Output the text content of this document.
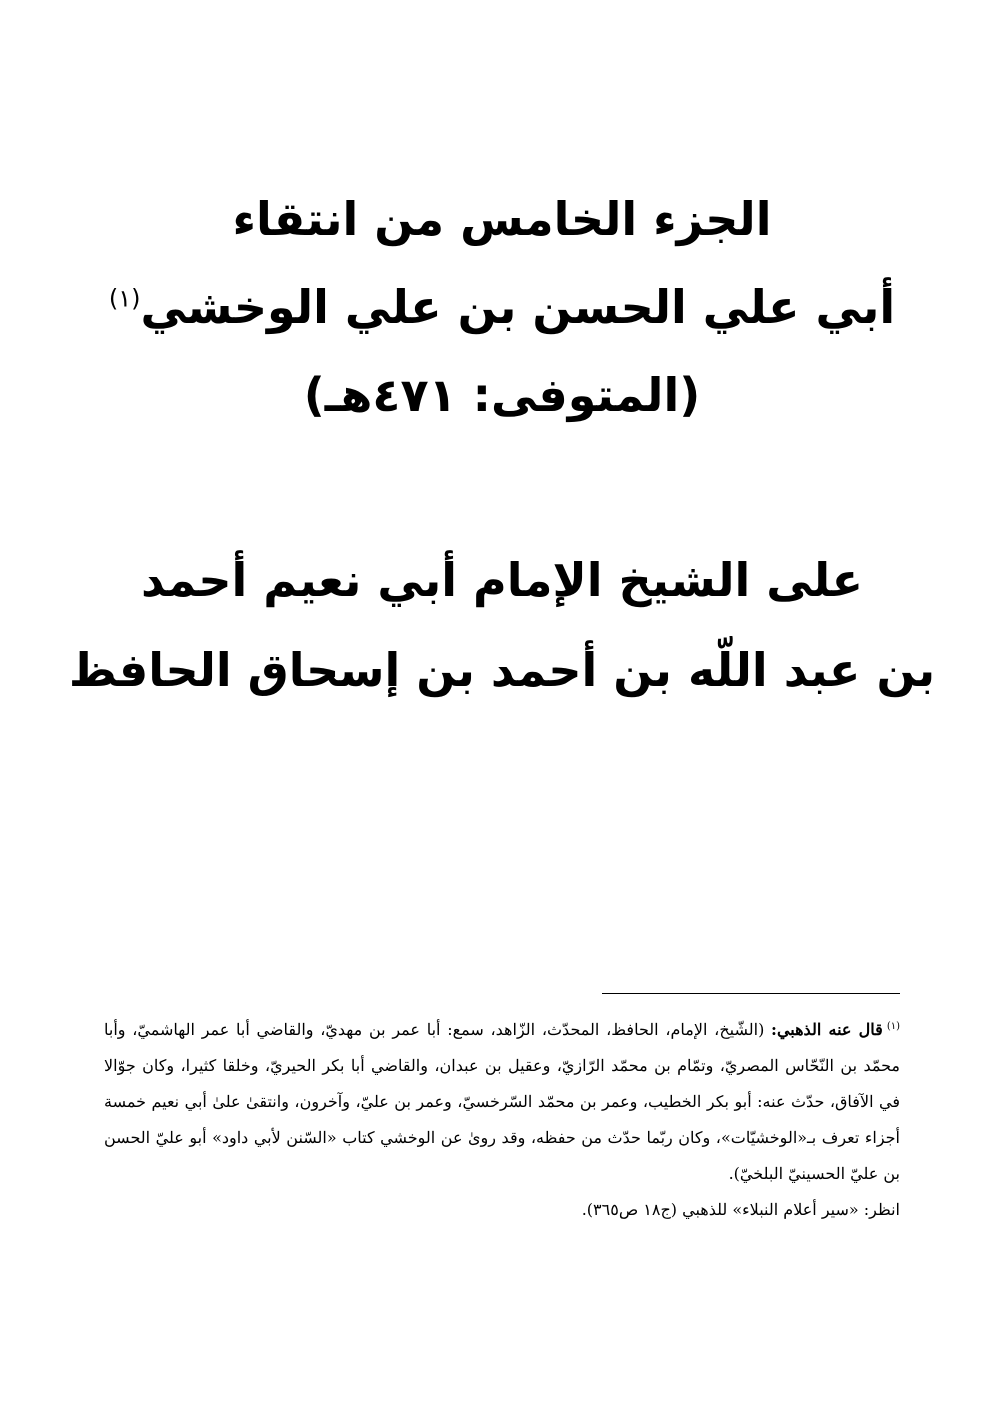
الجزء الخامس من انتقاء
أبي علي الحسن بن علي الوخشي$^{(١)}$
(المتوفى: ٤٧١هـ)
على الشيخ الإمام أبي نعيم أحمد
بن عبد اللّه بن أحمد بن إسحاق الحافظ

$^{(١)}$قال عنه الذهبي: (الشّيخ، الإمام، الحافظ، المحدّث، الزّاهد، سمع: أبا عمر بن مهديّ، والقاضي أبا عمر الهاشميّ، وأبا محمّد بن النّحّاس المصريّ، وتمّام بن محمّد الرّازيّ، وعقيل بن عبدان، والقاضي أبا بكر الحيريّ، وخلقا كثيرا، وكان جوّالا في الآفاق، حدّث عنه: أبو بكر الخطيب، وعمر بن محمّد السّرخسيّ، وعمر بن عليّ، وآخرون، وانتقىٰ علىٰ أبي نعيم خمسة أجزاء تعرف بـ«الوخشيّات»، وكان ربّما حدّث من حفظه، وقد روىٰ عن الوخشي كتاب «السّنن لأبي داود» أبو عليّ الحسن بن عليّ الحسينيّ البلخيّ).

انظر: «سير أعلام النبلاء» للذهبي (ج١٨ ص٣٦٥).
